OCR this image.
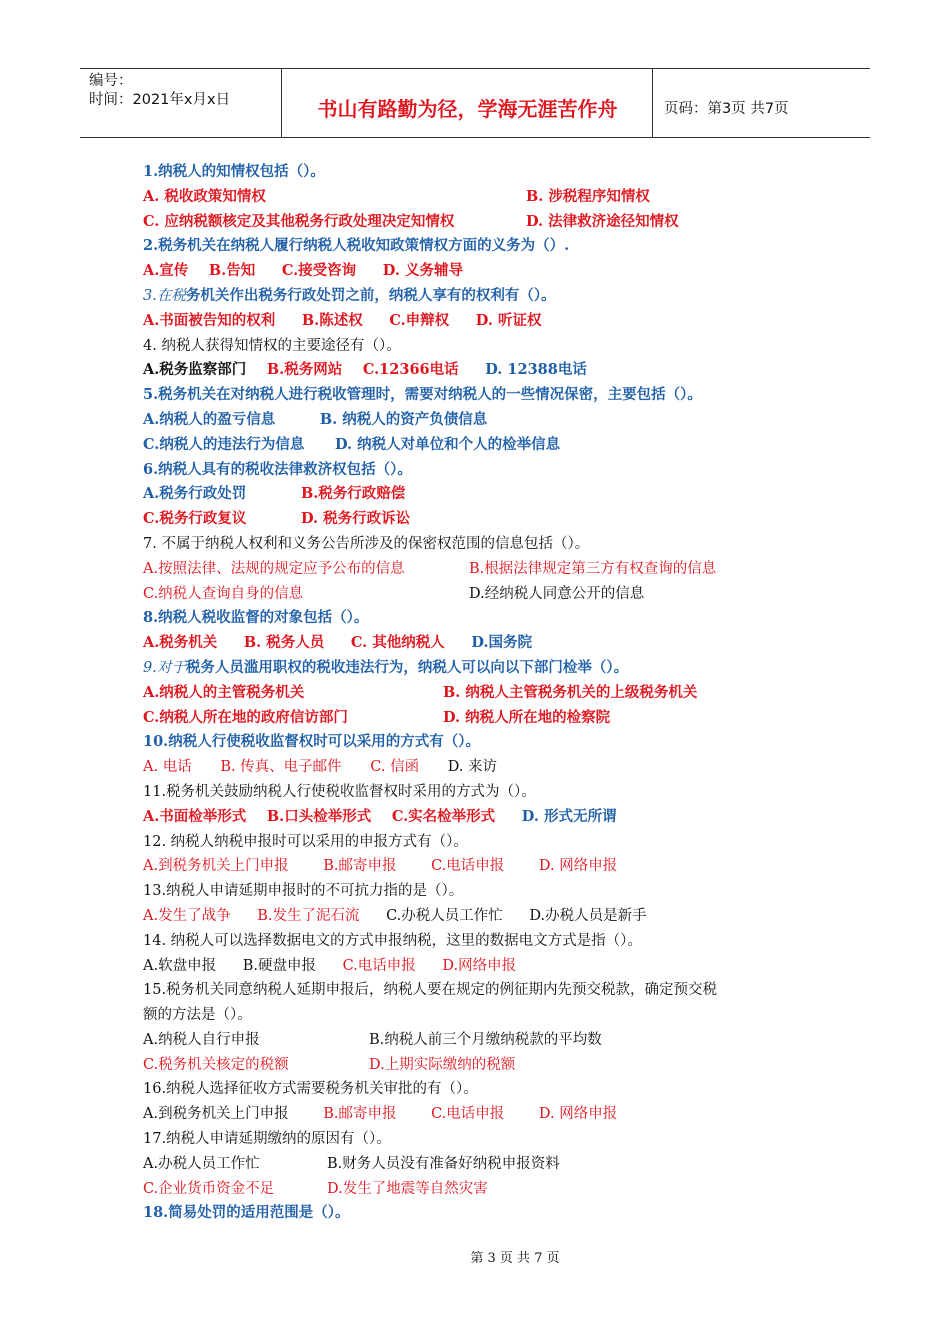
编号：
时间：2021年x月x日	书山有路勤为径，学海无涯苦作舟	页码：第3页 共7页
1.纳税人的知情权包括（）。
A. 税收政策知情权	B. 涉税程序知情权
C. 应纳税额核定及其他税务行政处理决定知情权	D. 法律救济途径知情权
2.税务机关在纳税人履行纳税人税收知政策情权方面的义务为（）.
A.宣传 B.告知 C.接受咨询 D. 义务辅导
3.在税务机关作出税务行政处罚之前，纳税人享有的权利有（）。
A.书面被告知的权利 B.陈述权 C.申辩权 D. 听证权
4. 纳税人获得知情权的主要途径有（）。
A.税务监察部门 B.税务网站 C.12366电话 D. 12388电话
5.税务机关在对纳税人进行税收管理时，需要对纳税人的一些情况保密，主要包括（）。
A.纳税人的盈亏信息	B. 纳税人的资产负债信息
C.纳税人的违法行为信息 D. 纳税人对单位和个人的检举信息
6.纳税人具有的税收法律救济权包括（）。
A.税务行政处罚	B.税务行政赔偿
C.税务行政复议	D. 税务行政诉讼
7. 不属于纳税人权利和义务公告所涉及的保密权范围的信息包括（）。
A.按照法律、法规的规定应予公布的信息	B.根据法律规定第三方有权查询的信息
C.纳税人查询自身的信息	D.经纳税人同意公开的信息
8.纳税人税收监督的对象包括（）。
A.税务机关 B. 税务人员 C. 其他纳税人 D.国务院
9.对于税务人员滥用职权的税收违法行为，纳税人可以向以下部门检举（）。
A.纳税人的主管税务机关	B. 纳税人主管税务机关的上级税务机关
C.纳税人所在地的政府信访部门	D. 纳税人所在地的检察院
10.纳税人行使税收监督权时可以采用的方式有（）。
A. 电话 B. 传真、电子邮件 C. 信函 D. 来访
11.税务机关鼓励纳税人行使税收监督权时采用的方式为（）。
A.书面检举形式 B.口头检举形式 C.实名检举形式 D. 形式无所谓
12. 纳税人纳税申报时可以采用的申报方式有（）。
A.到税务机关上门申报 B.邮寄申报 C.电话申报 D. 网络申报
13.纳税人申请延期申报时的不可抗力指的是（）。
A.发生了战争 B.发生了泥石流 C.办税人员工作忙 D.办税人员是新手
14. 纳税人可以选择数据电文的方式申报纳税，这里的数据电文方式是指（）。
A.软盘申报 B.硬盘申报 C.电话申报 D.网络申报
15.税务机关同意纳税人延期申报后，纳税人要在规定的例征期内先预交税款，确定预交税
额的方法是（）。
A.纳税人自行申报	B.纳税人前三个月缴纳税款的平均数
C.税务机关核定的税额	D.上期实际缴纳的税额
16.纳税人选择征收方式需要税务机关审批的有（）。
A.到税务机关上门申报 B.邮寄申报 C.电话申报 D. 网络申报
17.纳税人申请延期缴纳的原因有（）。
A.办税人员工作忙	B.财务人员没有准备好纳税申报资料
C.企业货币资金不足	D.发生了地震等自然灾害
18.简易处罚的适用范围是（）。
第 3 页 共 7 页
